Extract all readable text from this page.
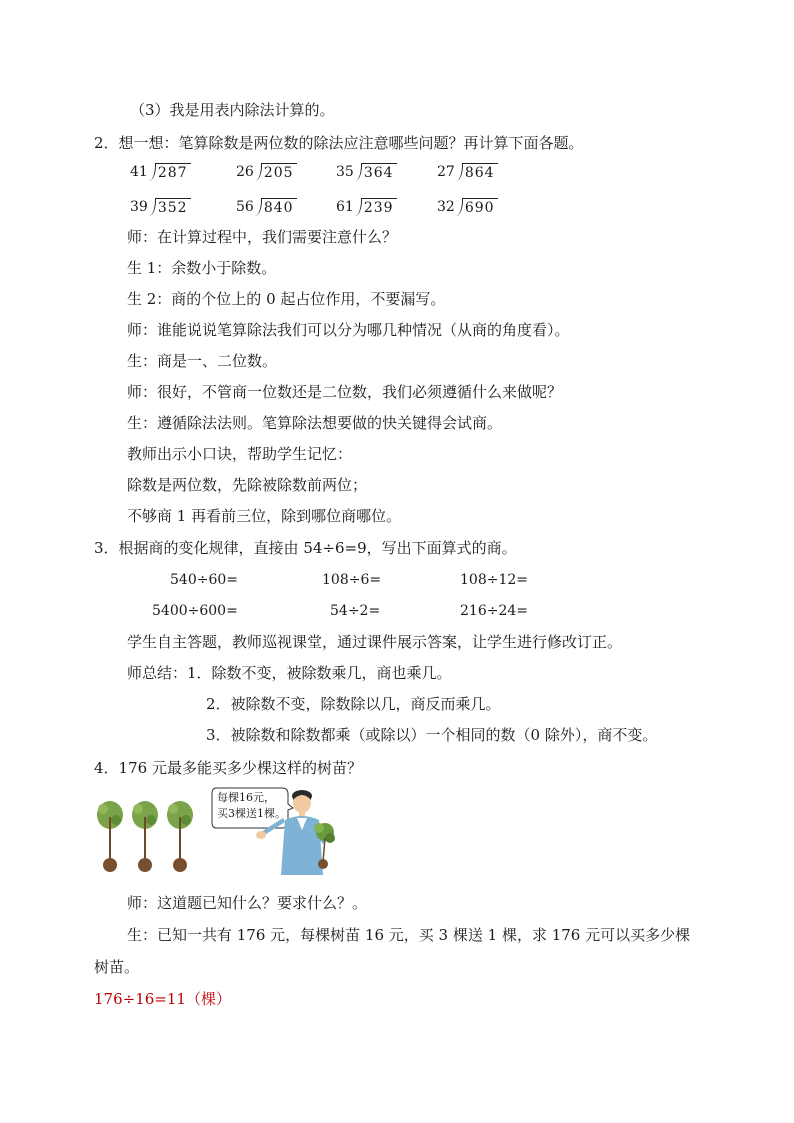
（3）我是用表内除法计算的。
2．想一想：笔算除数是两位数的除法应注意哪些问题？再计算下面各题。
41 287	26 205	35 364	27 864
39 352	56 840	61 239	32 690
师：在计算过程中，我们需要注意什么？
生 1：余数小于除数。
生 2：商的个位上的 0 起占位作用，不要漏写。
师：谁能说说笔算除法我们可以分为哪几种情况（从商的角度看）。
生：商是一、二位数。
师：很好，不管商一位数还是二位数，我们必须遵循什么来做呢？
生：遵循除法法则。笔算除法想要做的快关键得会试商。
教师出示小口诀，帮助学生记忆：
除数是两位数，先除被除数前两位；
不够商 1 再看前三位，除到哪位商哪位。
3．根据商的变化规律，直接由 54÷6=9，写出下面算式的商。
540÷60=	108÷6=	108÷12=
5400÷600=	54÷2=	216÷24=
学生自主答题，教师巡视课堂，通过课件展示答案，让学生进行修改订正。
师总结：1．除数不变，被除数乘几，商也乘几。
2．被除数不变，除数除以几，商反而乘几。
3．被除数和除数都乘（或除以）一个相同的数（0 除外），商不变。
4．176 元最多能买多少棵这样的树苗？
每棵16元，
买3棵送1棵。
师：这道题已知什么？要求什么？。
生：已知一共有 176 元，每棵树苗 16 元，买 3 棵送 1 棵，求 176 元可以买多少棵
树苗。
176÷16=11（棵）
